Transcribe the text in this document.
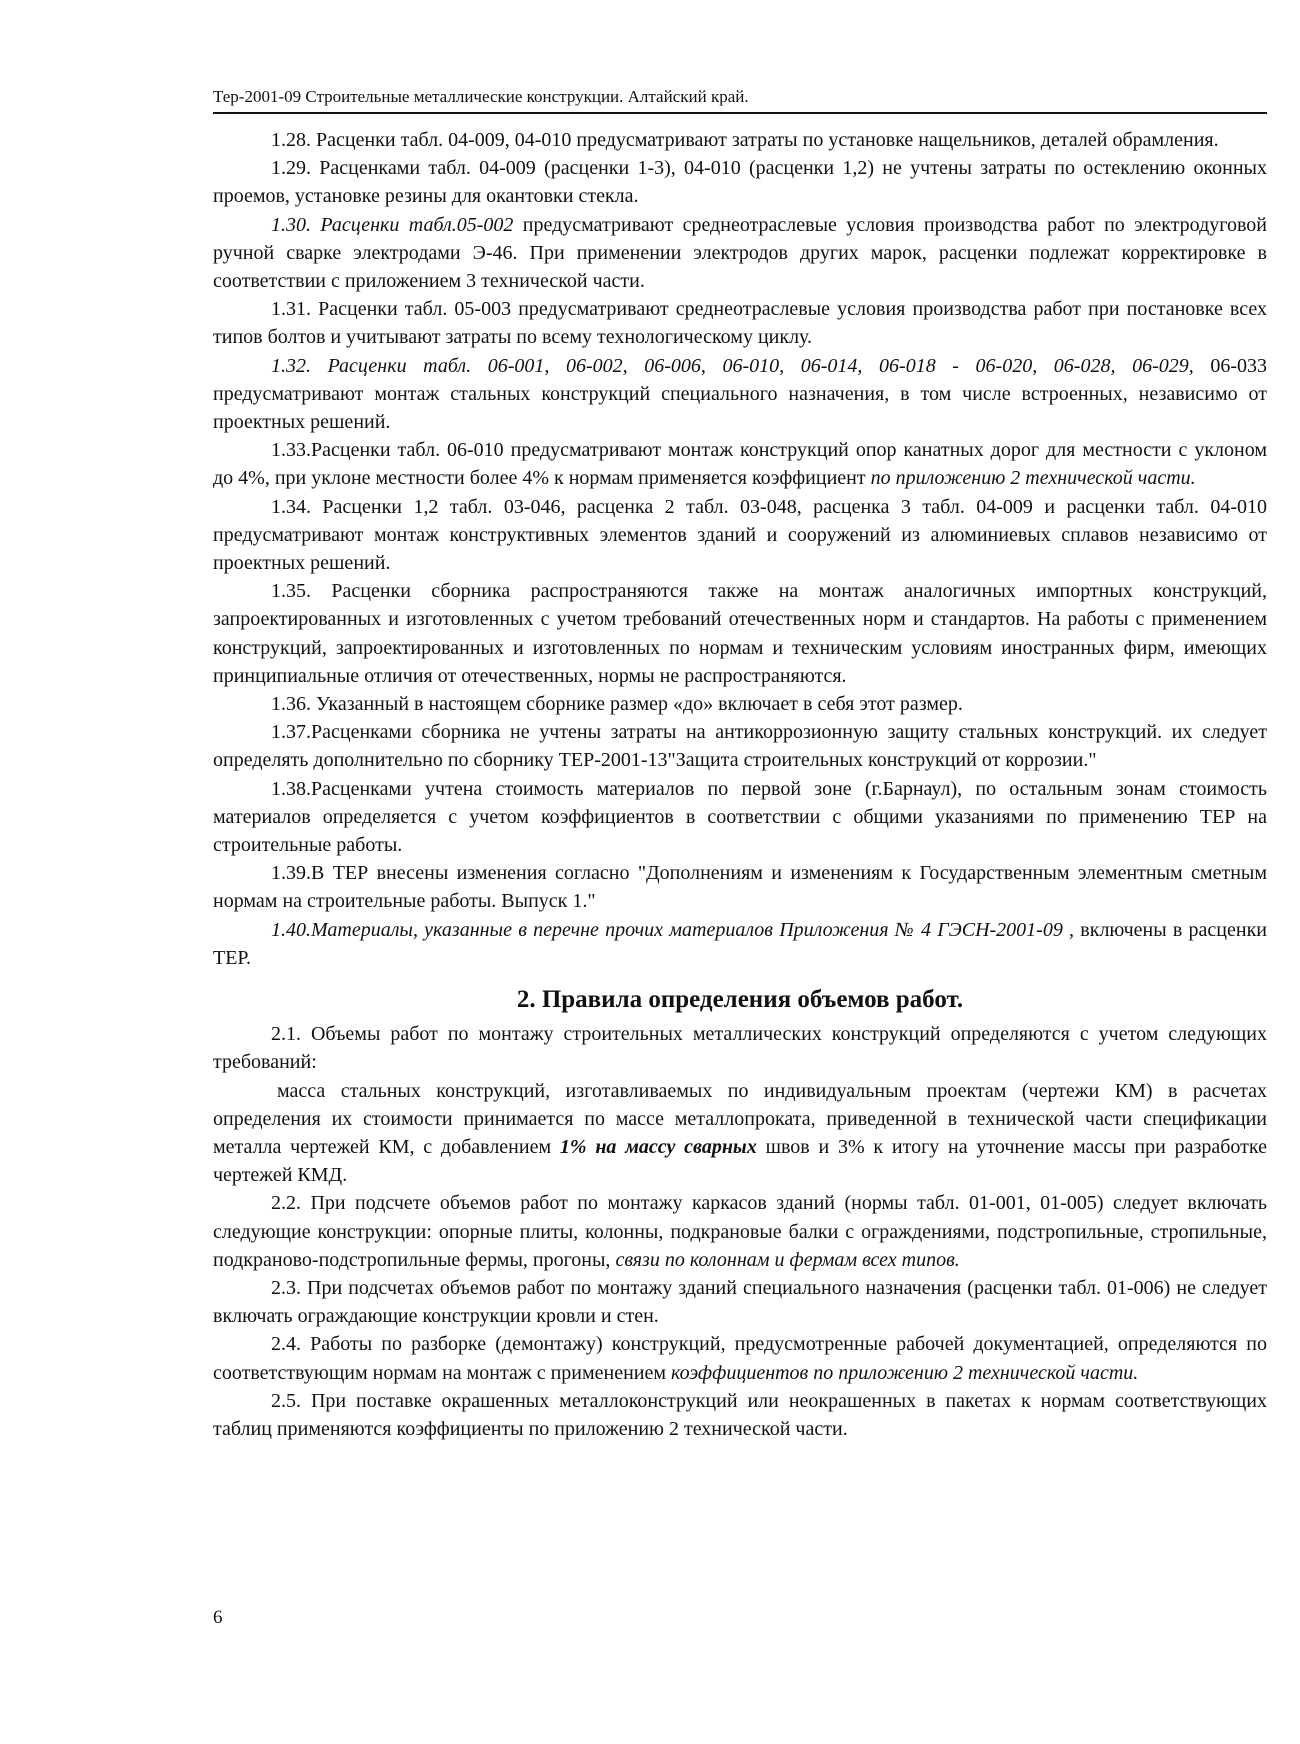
Тер-2001-09 Строительные металлические конструкции. Алтайский край.

1.28. Расценки табл. 04-009, 04-010 предусматривают затраты по установке нащельников, деталей обрамления.

1.29. Расценками табл. 04-009 (расценки 1-3), 04-010 (расценки 1,2) не учтены затраты по остеклению оконных проемов, установке резины для окантовки стекла.

1.30. Расценки табл.05-002 предусматривают среднеотраслевые условия производства работ по электродуговой ручной сварке электродами Э-46. При применении электродов других марок, расценки подлежат корректировке в соответствии с приложением 3 технической части.

1.31. Расценки табл. 05-003 предусматривают среднеотраслевые условия производства работ при постановке всех типов болтов и учитывают затраты по всему технологическому циклу.

1.32. Расценки табл. 06-001, 06-002, 06-006, 06-010, 06-014, 06-018 - 06-020, 06-028, 06-029, 06-033 предусматривают монтаж стальных конструкций специального назначения, в том числе встроенных, независимо от проектных решений.

1.33.Расценки табл. 06-010 предусматривают монтаж конструкций опор канатных дорог для местности с уклоном до 4%, при уклоне местности более 4% к нормам применяется коэффициент по приложению 2 технической части.

1.34. Расценки 1,2 табл. 03-046, расценка 2 табл. 03-048, расценка 3 табл. 04-009 и расценки табл. 04-010 предусматривают монтаж конструктивных элементов зданий и сооружений из алюминиевых сплавов независимо от проектных решений.

1.35. Расценки сборника распространяются также на монтаж аналогичных импортных конструкций, запроектированных и изготовленных с учетом требований отечественных норм и стандартов. На работы с применением конструкций, запроектированных и изготовленных по нормам и техническим условиям иностранных фирм, имеющих принципиальные отличия от отечественных, нормы не распространяются.

1.36. Указанный в настоящем сборнике размер «до» включает в себя этот размер.

1.37.Расценками сборника не учтены затраты на антикоррозионную защиту стальных конструкций. их следует определять дополнительно по сборнику ТЕР-2001-13"Защита строительных конструкций от коррозии."

1.38.Расценками учтена стоимость материалов по первой зоне (г.Барнаул), по остальным зонам стоимость материалов определяется с учетом коэффициентов в соответствии с общими указаниями по применению ТЕР на строительные работы.

1.39.В ТЕР внесены изменения согласно "Дополнениям и изменениям к Государственным элементным сметным нормам на строительные работы. Выпуск 1."

1.40.Материалы, указанные в перечне прочих материалов Приложения № 4 ГЭСН-2001-09 , включены в расценки ТЕР.

2. Правила определения объемов работ.

2.1. Объемы работ по монтажу строительных металлических конструкций определяются с учетом следующих требований:

масса стальных конструкций, изготавливаемых по индивидуальным проектам (чертежи КМ) в расчетах определения их стоимости принимается по массе металлопроката, приведенной в технической части спецификации металла чертежей КМ, с добавлением 1% на массу сварных швов и 3% к итогу на уточнение массы при разработке чертежей КМД.

2.2. При подсчете объемов работ по монтажу каркасов зданий (нормы табл. 01-001, 01-005) следует включать следующие конструкции: опорные плиты, колонны, подкрановые балки с ограждениями, подстропильные, стропильные, подкраново-подстропильные фермы, прогоны, связи по колоннам и фермам всех типов.

2.3. При подсчетах объемов работ по монтажу зданий специального назначения (расценки табл. 01-006) не следует включать ограждающие конструкции кровли и стен.

2.4. Работы по разборке (демонтажу) конструкций, предусмотренные рабочей документацией, определяются по соответствующим нормам на монтаж с применением коэффициентов по приложению 2 технической части.

2.5. При поставке окрашенных металлоконструкций или неокрашенных в пакетах к нормам соответствующих таблиц применяются коэффициенты по приложению 2 технической части.

6
